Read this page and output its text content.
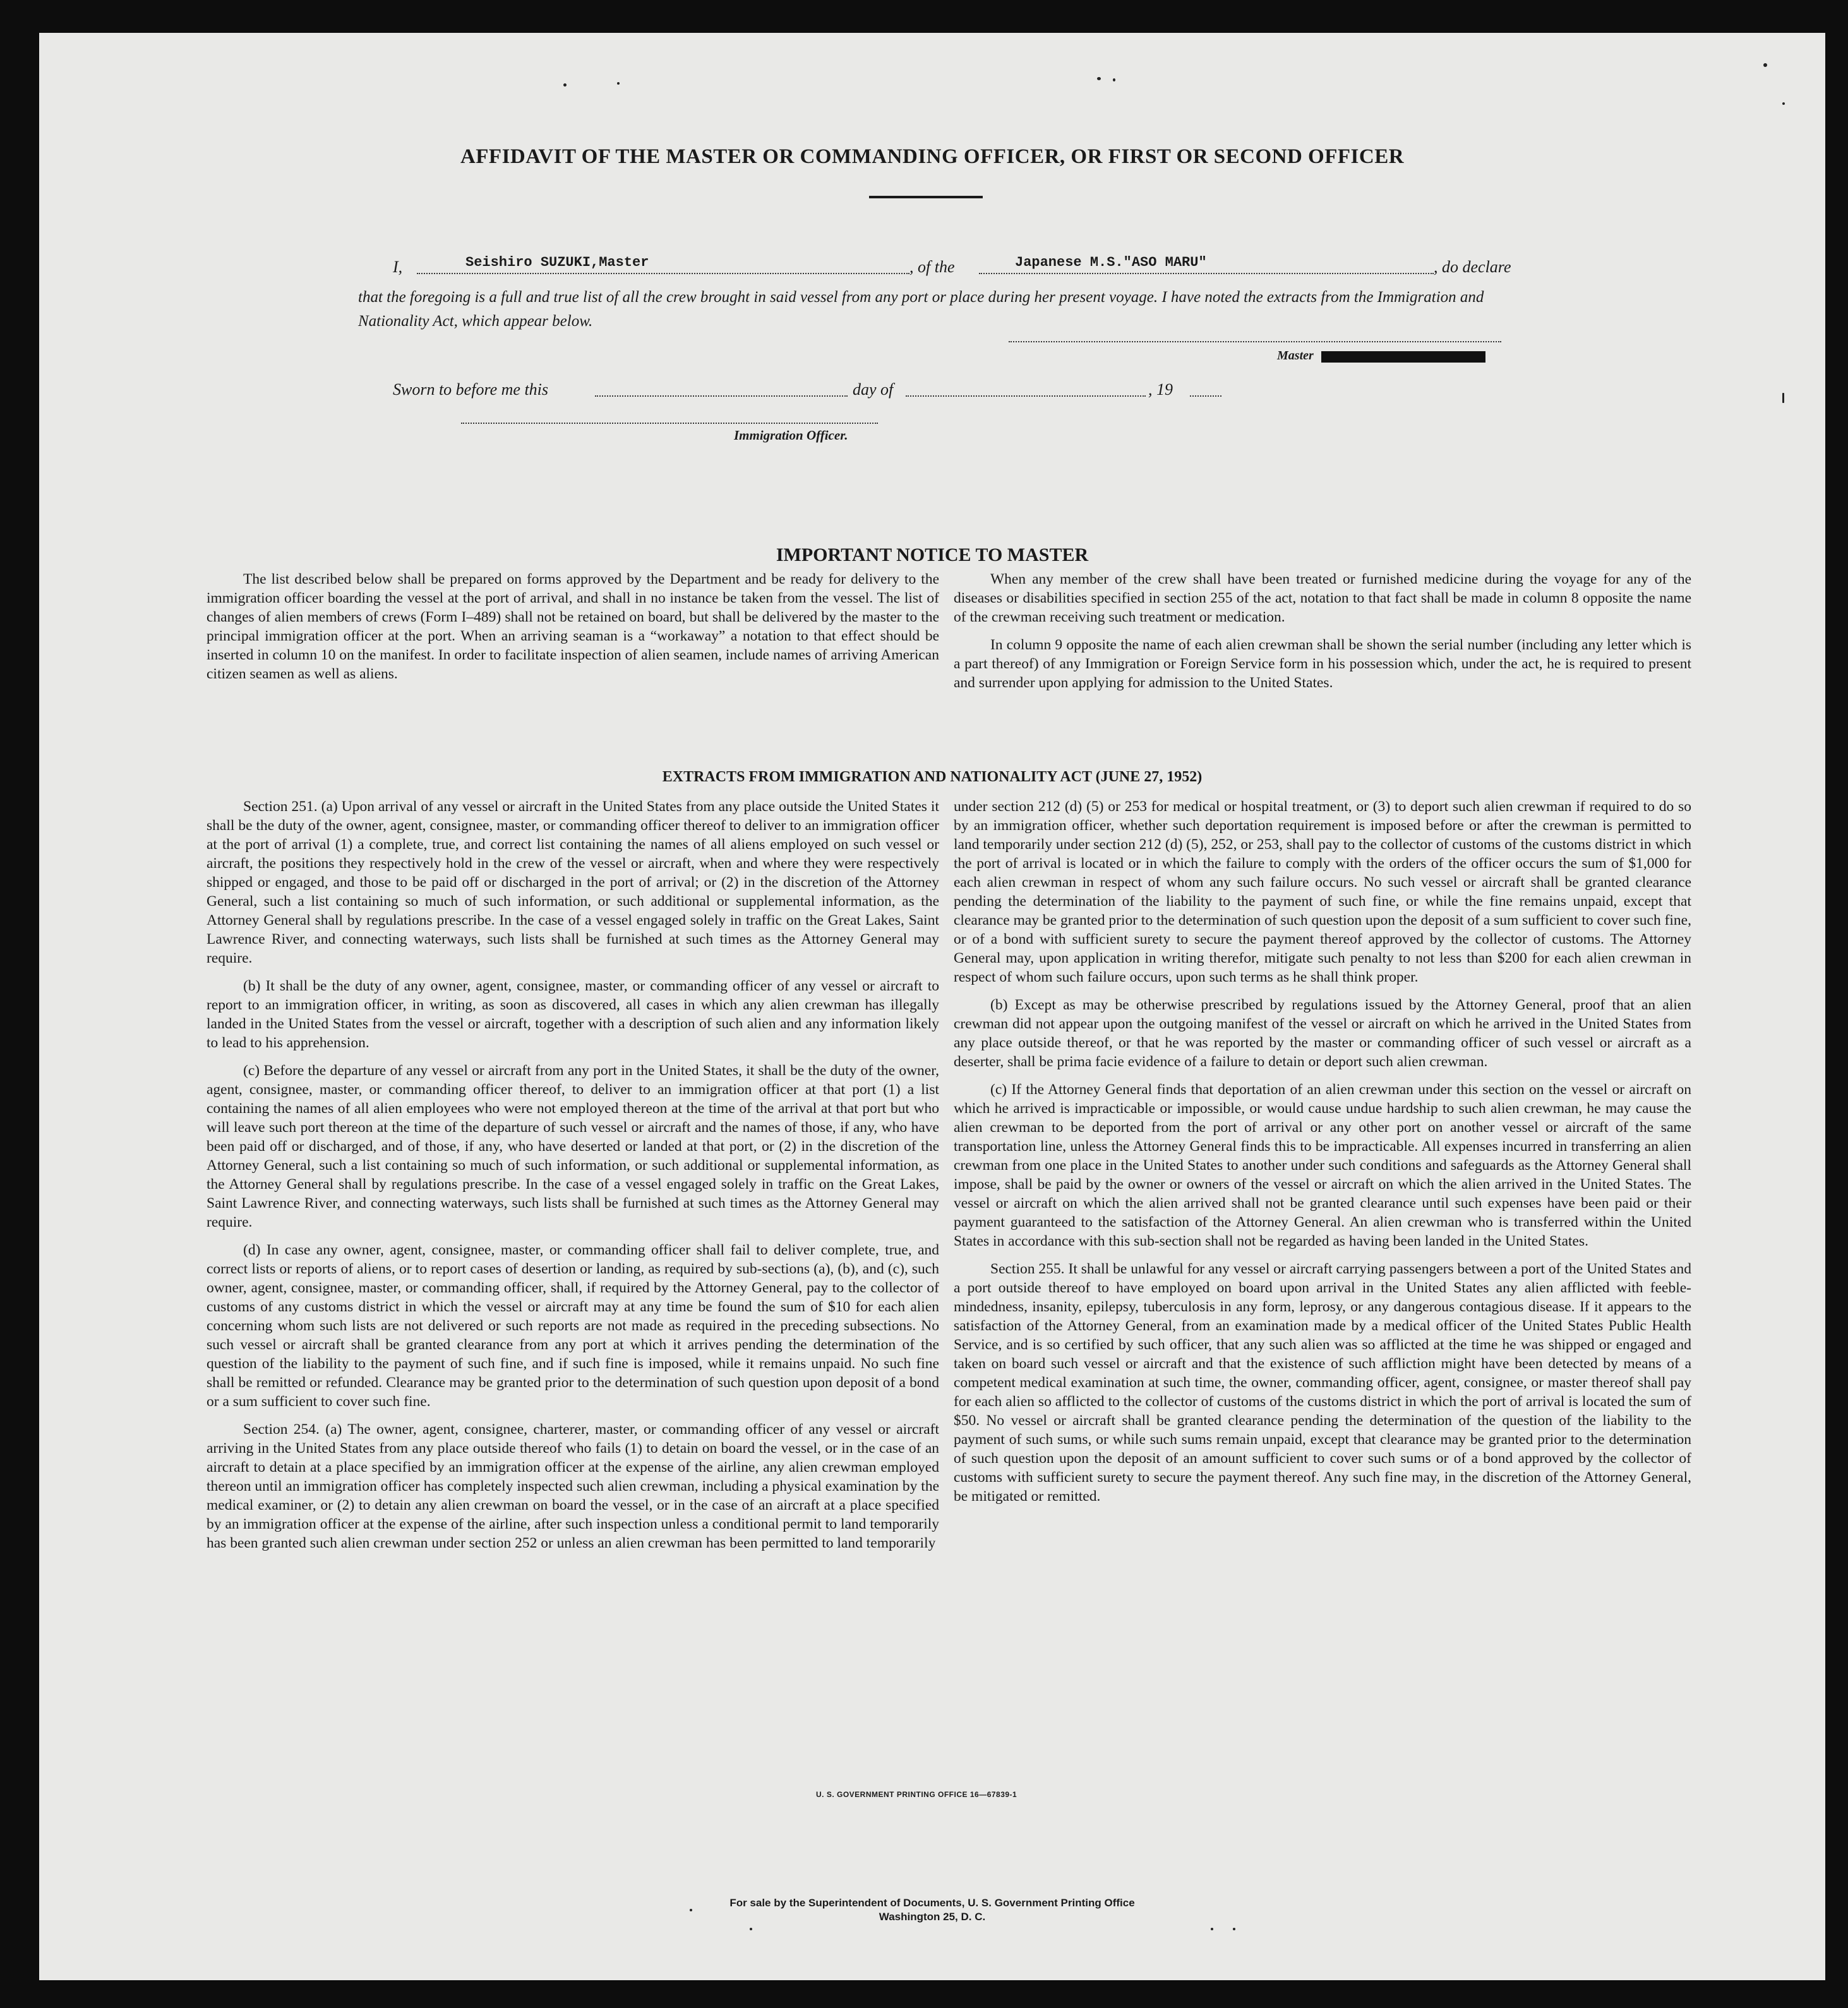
AFFIDAVIT OF THE MASTER OR COMMANDING OFFICER, OR FIRST OR SECOND OFFICER
I,	Seishiro SUZUKI,Master	, of the	Japanese M.S."ASO MARU"	, do declare
that the foregoing is a full and true list of all the crew brought in said vessel from any port or place during her present voyage. I have noted the extracts from the Immigration and Nationality Act, which appear below.
Master
Sworn to before me this	day of	, 19
Immigration Officer.
IMPORTANT NOTICE TO MASTER

The list described below shall be prepared on forms approved by the Department and be ready for delivery to the immigration officer boarding the vessel at the port of arrival, and shall in no instance be taken from the vessel. The list of changes of alien members of crews (Form I–489) shall not be retained on board, but shall be delivered by the master to the principal immigration officer at the port. When an arriving seaman is a “workaway” a notation to that effect should be inserted in column 10 on the manifest. In order to facilitate inspection of alien seamen, include names of arriving American citizen seamen as well as aliens.

When any member of the crew shall have been treated or furnished medicine during the voyage for any of the diseases or disabilities specified in section 255 of the act, notation to that fact shall be made in column 8 opposite the name of the crewman receiving such treatment or medication.

In column 9 opposite the name of each alien crewman shall be shown the serial number (including any letter which is a part thereof) of any Immigration or Foreign Service form in his possession which, under the act, he is required to present and surrender upon applying for admission to the United States.

EXTRACTS FROM IMMIGRATION AND NATIONALITY ACT (JUNE 27, 1952)

Section 251. (a) Upon arrival of any vessel or aircraft in the United States from any place outside the United States it shall be the duty of the owner, agent, consignee, master, or commanding officer thereof to deliver to an immigration officer at the port of arrival (1) a complete, true, and correct list containing the names of all aliens employed on such vessel or aircraft, the positions they respectively hold in the crew of the vessel or aircraft, when and where they were respectively shipped or engaged, and those to be paid off or discharged in the port of arrival; or (2) in the discretion of the Attorney General, such a list containing so much of such information, or such additional or supplemental information, as the Attorney General shall by regulations prescribe. In the case of a vessel engaged solely in traffic on the Great Lakes, Saint Lawrence River, and connecting waterways, such lists shall be furnished at such times as the Attorney General may require.

(b) It shall be the duty of any owner, agent, consignee, master, or commanding officer of any vessel or aircraft to report to an immigration officer, in writing, as soon as discovered, all cases in which any alien crewman has illegally landed in the United States from the vessel or aircraft, together with a description of such alien and any information likely to lead to his apprehension.

(c) Before the departure of any vessel or aircraft from any port in the United States, it shall be the duty of the owner, agent, consignee, master, or commanding officer thereof, to deliver to an immigration officer at that port (1) a list containing the names of all alien employees who were not employed thereon at the time of the arrival at that port but who will leave such port thereon at the time of the departure of such vessel or aircraft and the names of those, if any, who have been paid off or discharged, and of those, if any, who have deserted or landed at that port, or (2) in the discretion of the Attorney General, such a list containing so much of such information, or such additional or supplemental information, as the Attorney General shall by regulations prescribe. In the case of a vessel engaged solely in traffic on the Great Lakes, Saint Lawrence River, and connecting waterways, such lists shall be furnished at such times as the Attorney General may require.

(d) In case any owner, agent, consignee, master, or commanding officer shall fail to deliver complete, true, and correct lists or reports of aliens, or to report cases of desertion or landing, as required by sub-sections (a), (b), and (c), such owner, agent, consignee, master, or commanding officer, shall, if required by the Attorney General, pay to the collector of customs of any customs district in which the vessel or aircraft may at any time be found the sum of $10 for each alien concerning whom such lists are not delivered or such reports are not made as required in the preceding subsections. No such vessel or aircraft shall be granted clearance from any port at which it arrives pending the determination of the question of the liability to the payment of such fine, and if such fine is imposed, while it remains unpaid. No such fine shall be remitted or refunded. Clearance may be granted prior to the determination of such question upon deposit of a bond or a sum sufficient to cover such fine.

Section 254. (a) The owner, agent, consignee, charterer, master, or commanding officer of any vessel or aircraft arriving in the United States from any place outside thereof who fails (1) to detain on board the vessel, or in the case of an aircraft to detain at a place specified by an immigration officer at the expense of the airline, any alien crewman employed thereon until an immigration officer has completely inspected such alien crewman, including a physical examination by the medical examiner, or (2) to detain any alien crewman on board the vessel, or in the case of an aircraft at a place specified by an immigration officer at the expense of the airline, after such inspection unless a conditional permit to land temporarily has been granted such alien crewman under section 252 or unless an alien crewman has been permitted to land temporarily

under section 212 (d) (5) or 253 for medical or hospital treatment, or (3) to deport such alien crewman if required to do so by an immigration officer, whether such deportation requirement is imposed before or after the crewman is permitted to land temporarily under section 212 (d) (5), 252, or 253, shall pay to the collector of customs of the customs district in which the port of arrival is located or in which the failure to comply with the orders of the officer occurs the sum of $1,000 for each alien crewman in respect of whom any such failure occurs. No such vessel or aircraft shall be granted clearance pending the determination of the liability to the payment of such fine, or while the fine remains unpaid, except that clearance may be granted prior to the determination of such question upon the deposit of a sum sufficient to cover such fine, or of a bond with sufficient surety to secure the payment thereof approved by the collector of customs. The Attorney General may, upon application in writing therefor, mitigate such penalty to not less than $200 for each alien crewman in respect of whom such failure occurs, upon such terms as he shall think proper.

(b) Except as may be otherwise prescribed by regulations issued by the Attorney General, proof that an alien crewman did not appear upon the outgoing manifest of the vessel or aircraft on which he arrived in the United States from any place outside thereof, or that he was reported by the master or commanding officer of such vessel or aircraft as a deserter, shall be prima facie evidence of a failure to detain or deport such alien crewman.

(c) If the Attorney General finds that deportation of an alien crewman under this section on the vessel or aircraft on which he arrived is impracticable or impossible, or would cause undue hardship to such alien crewman, he may cause the alien crewman to be deported from the port of arrival or any other port on another vessel or aircraft of the same transportation line, unless the Attorney General finds this to be impracticable. All expenses incurred in transferring an alien crewman from one place in the United States to another under such conditions and safeguards as the Attorney General shall impose, shall be paid by the owner or owners of the vessel or aircraft on which the alien arrived in the United States. The vessel or aircraft on which the alien arrived shall not be granted clearance until such expenses have been paid or their payment guaranteed to the satisfaction of the Attorney General. An alien crewman who is transferred within the United States in accordance with this sub-section shall not be regarded as having been landed in the United States.

Section 255. It shall be unlawful for any vessel or aircraft carrying passengers between a port of the United States and a port outside thereof to have employed on board upon arrival in the United States any alien afflicted with feeble-mindedness, insanity, epilepsy, tuberculosis in any form, leprosy, or any dangerous contagious disease. If it appears to the satisfaction of the Attorney General, from an examination made by a medical officer of the United States Public Health Service, and is so certified by such officer, that any such alien was so afflicted at the time he was shipped or engaged and taken on board such vessel or aircraft and that the existence of such affliction might have been detected by means of a competent medical examination at such time, the owner, commanding officer, agent, consignee, or master thereof shall pay for each alien so afflicted to the collector of customs of the customs district in which the port of arrival is located the sum of $50. No vessel or aircraft shall be granted clearance pending the determination of the question of the liability to the payment of such sums, or while such sums remain unpaid, except that clearance may be granted prior to the determination of such question upon the deposit of an amount sufficient to cover such sums or of a bond approved by the collector of customs with sufficient surety to secure the payment thereof. Any such fine may, in the discretion of the Attorney General, be mitigated or remitted.

U. S. GOVERNMENT PRINTING OFFICE 16—67839-1
For sale by the Superintendent of Documents, U. S. Government Printing Office
Washington 25, D. C.
